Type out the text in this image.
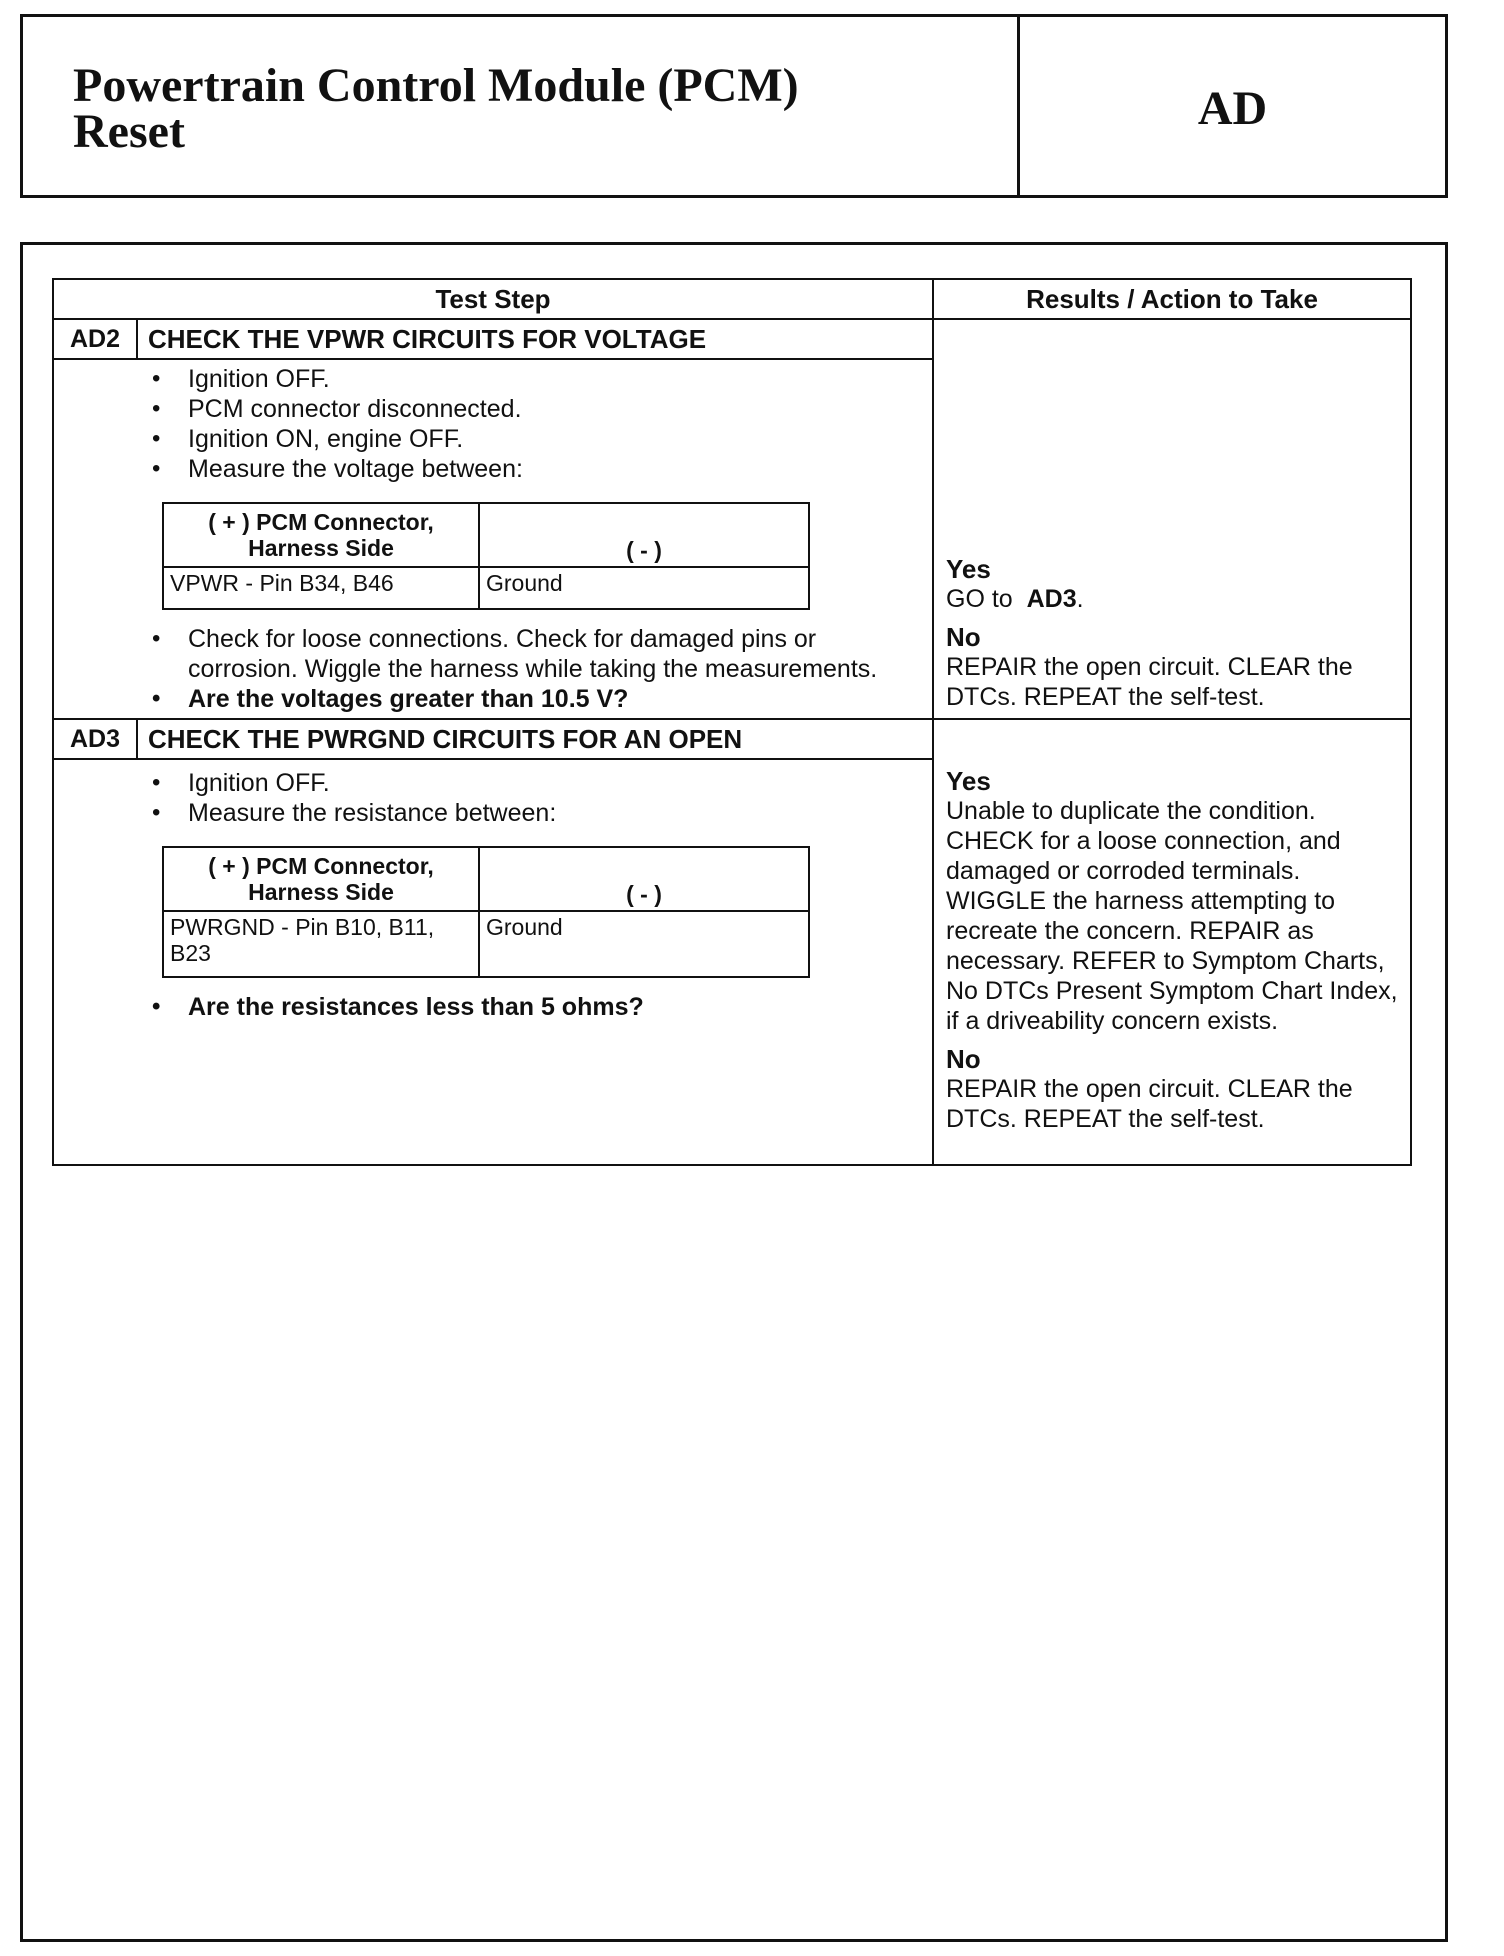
Powertrain Control Module (PCM)
Reset	AD
Test Step	Results / Action to Take
AD2	CHECK THE VPWR CIRCUITS FOR VOLTAGE	
Yes
GO to AD3.
No
REPAIR the open circuit. CLEAR the DTCs. REPEAT the self-test.

• Ignition OFF.
• PCM connector disconnected.
• Ignition ON, engine OFF.
• Measure the voltage between:
( + ) PCM Connector,
Harness Side	( - )
VPWR - Pin B34, B46	Ground
• Check for loose connections. Check for damaged pins or corrosion. Wiggle the harness while taking the measurements.
• Are the voltages greater than 10.5 V?

AD3	CHECK THE PWRGND CIRCUITS FOR AN OPEN	
Yes
Unable to duplicate the condition. CHECK for a loose connection, and damaged or corroded terminals. WIGGLE the harness attempting to recreate the concern. REPAIR as necessary. REFER to Symptom Charts, No DTCs Present Symptom Chart Index, if a driveability concern exists.
No
REPAIR the open circuit. CLEAR the DTCs. REPEAT the self-test.

• Ignition OFF.
• Measure the resistance between:
( + ) PCM Connector,
Harness Side	( - )
PWRGND - Pin B10, B11, B23	Ground
• Are the resistances less than 5 ohms?
